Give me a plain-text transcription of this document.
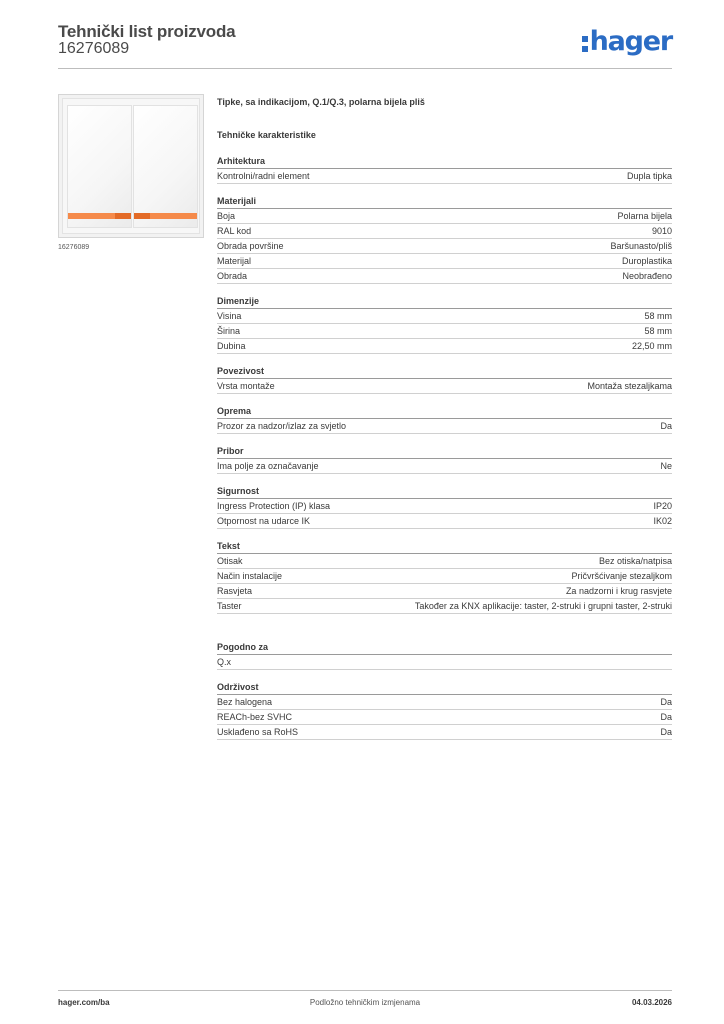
Tehnički list proizvoda
16276089	hager
16276089
Tipke, sa indikacijom, Q.1/Q.3, polarna bijela pliš
Tehničke karakteristike
Arhitektura
Kontrolni/radni element	Dupla tipka
Materijali
Boja	Polarna bijela
RAL kod	9010
Obrada površine	Baršunasto/pliš
Materijal	Duroplastika
Obrada	Neobrađeno
Dimenzije
Visina	58 mm
Širina	58 mm
Dubina	22,50 mm
Povezivost
Vrsta montaže	Montaža stezaljkama
Oprema
Prozor za nadzor/izlaz za svjetlo	Da
Pribor
Ima polje za označavanje	Ne
Sigurnost
Ingress Protection (IP) klasa	IP20
Otpornost na udarce IK	IK02
Tekst
Otisak	Bez otiska/natpisa
Način instalacije	Pričvršćivanje stezaljkom
Rasvjeta	Za nadzorni i krug rasvjete
Taster	Također za KNX aplikacije: taster, 2-struki i grupni taster, 2-struki
Pogodno za
Q.x
Održivost
Bez halogena	Da
REACh-bez SVHC	Da
Usklađeno sa RoHS	Da
hager.com/ba	Podložno tehničkim izmjenama	04.03.2026
